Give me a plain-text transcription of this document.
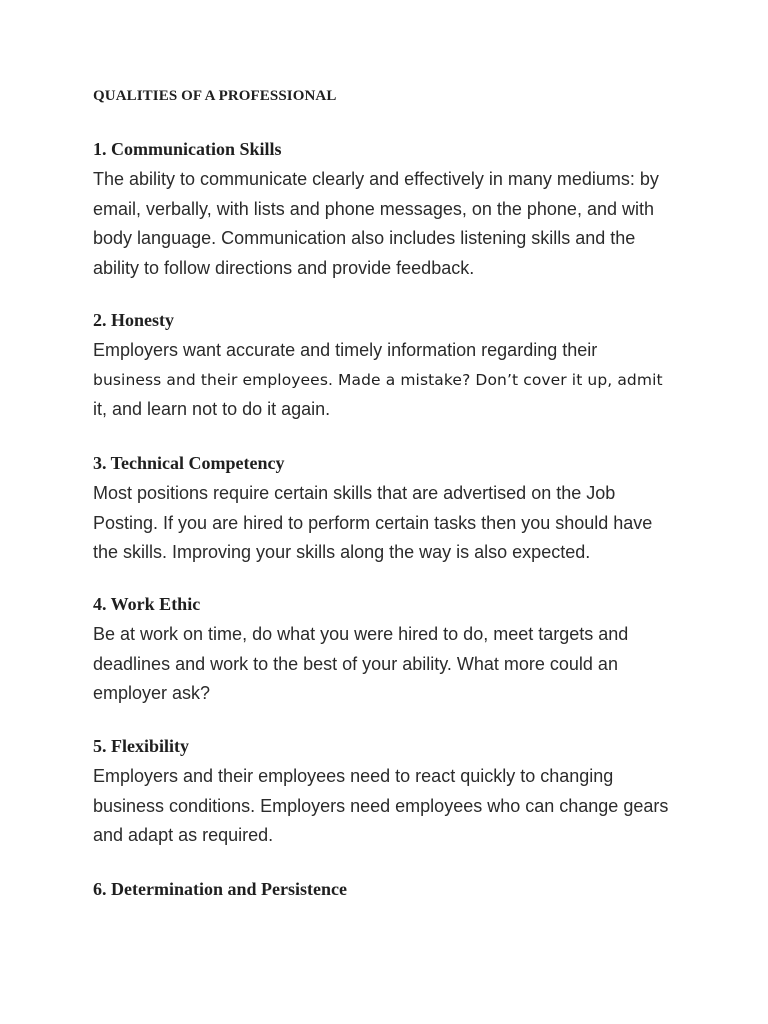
QUALITIES OF A PROFESSIONAL
1. Communication Skills

The ability to communicate clearly and effectively in many mediums: by

email, verbally, with lists and phone messages, on the phone, and with

body language. Communication also includes listening skills and the

ability to follow directions and provide feedback.

2. Honesty

Employers want accurate and timely information regarding their

business and their employees. Made a mistake? Don’t cover it up, admit

it, and learn not to do it again.

3. Technical Competency

Most positions require certain skills that are advertised on the Job

Posting. If you are hired to perform certain tasks then you should have

the skills. Improving your skills along the way is also expected.

4. Work Ethic

Be at work on time, do what you were hired to do, meet targets and

deadlines and work to the best of your ability. What more could an

employer ask?

5. Flexibility

Employers and their employees need to react quickly to changing

business conditions. Employers need employees who can change gears

and adapt as required.

6. Determination and Persistence
